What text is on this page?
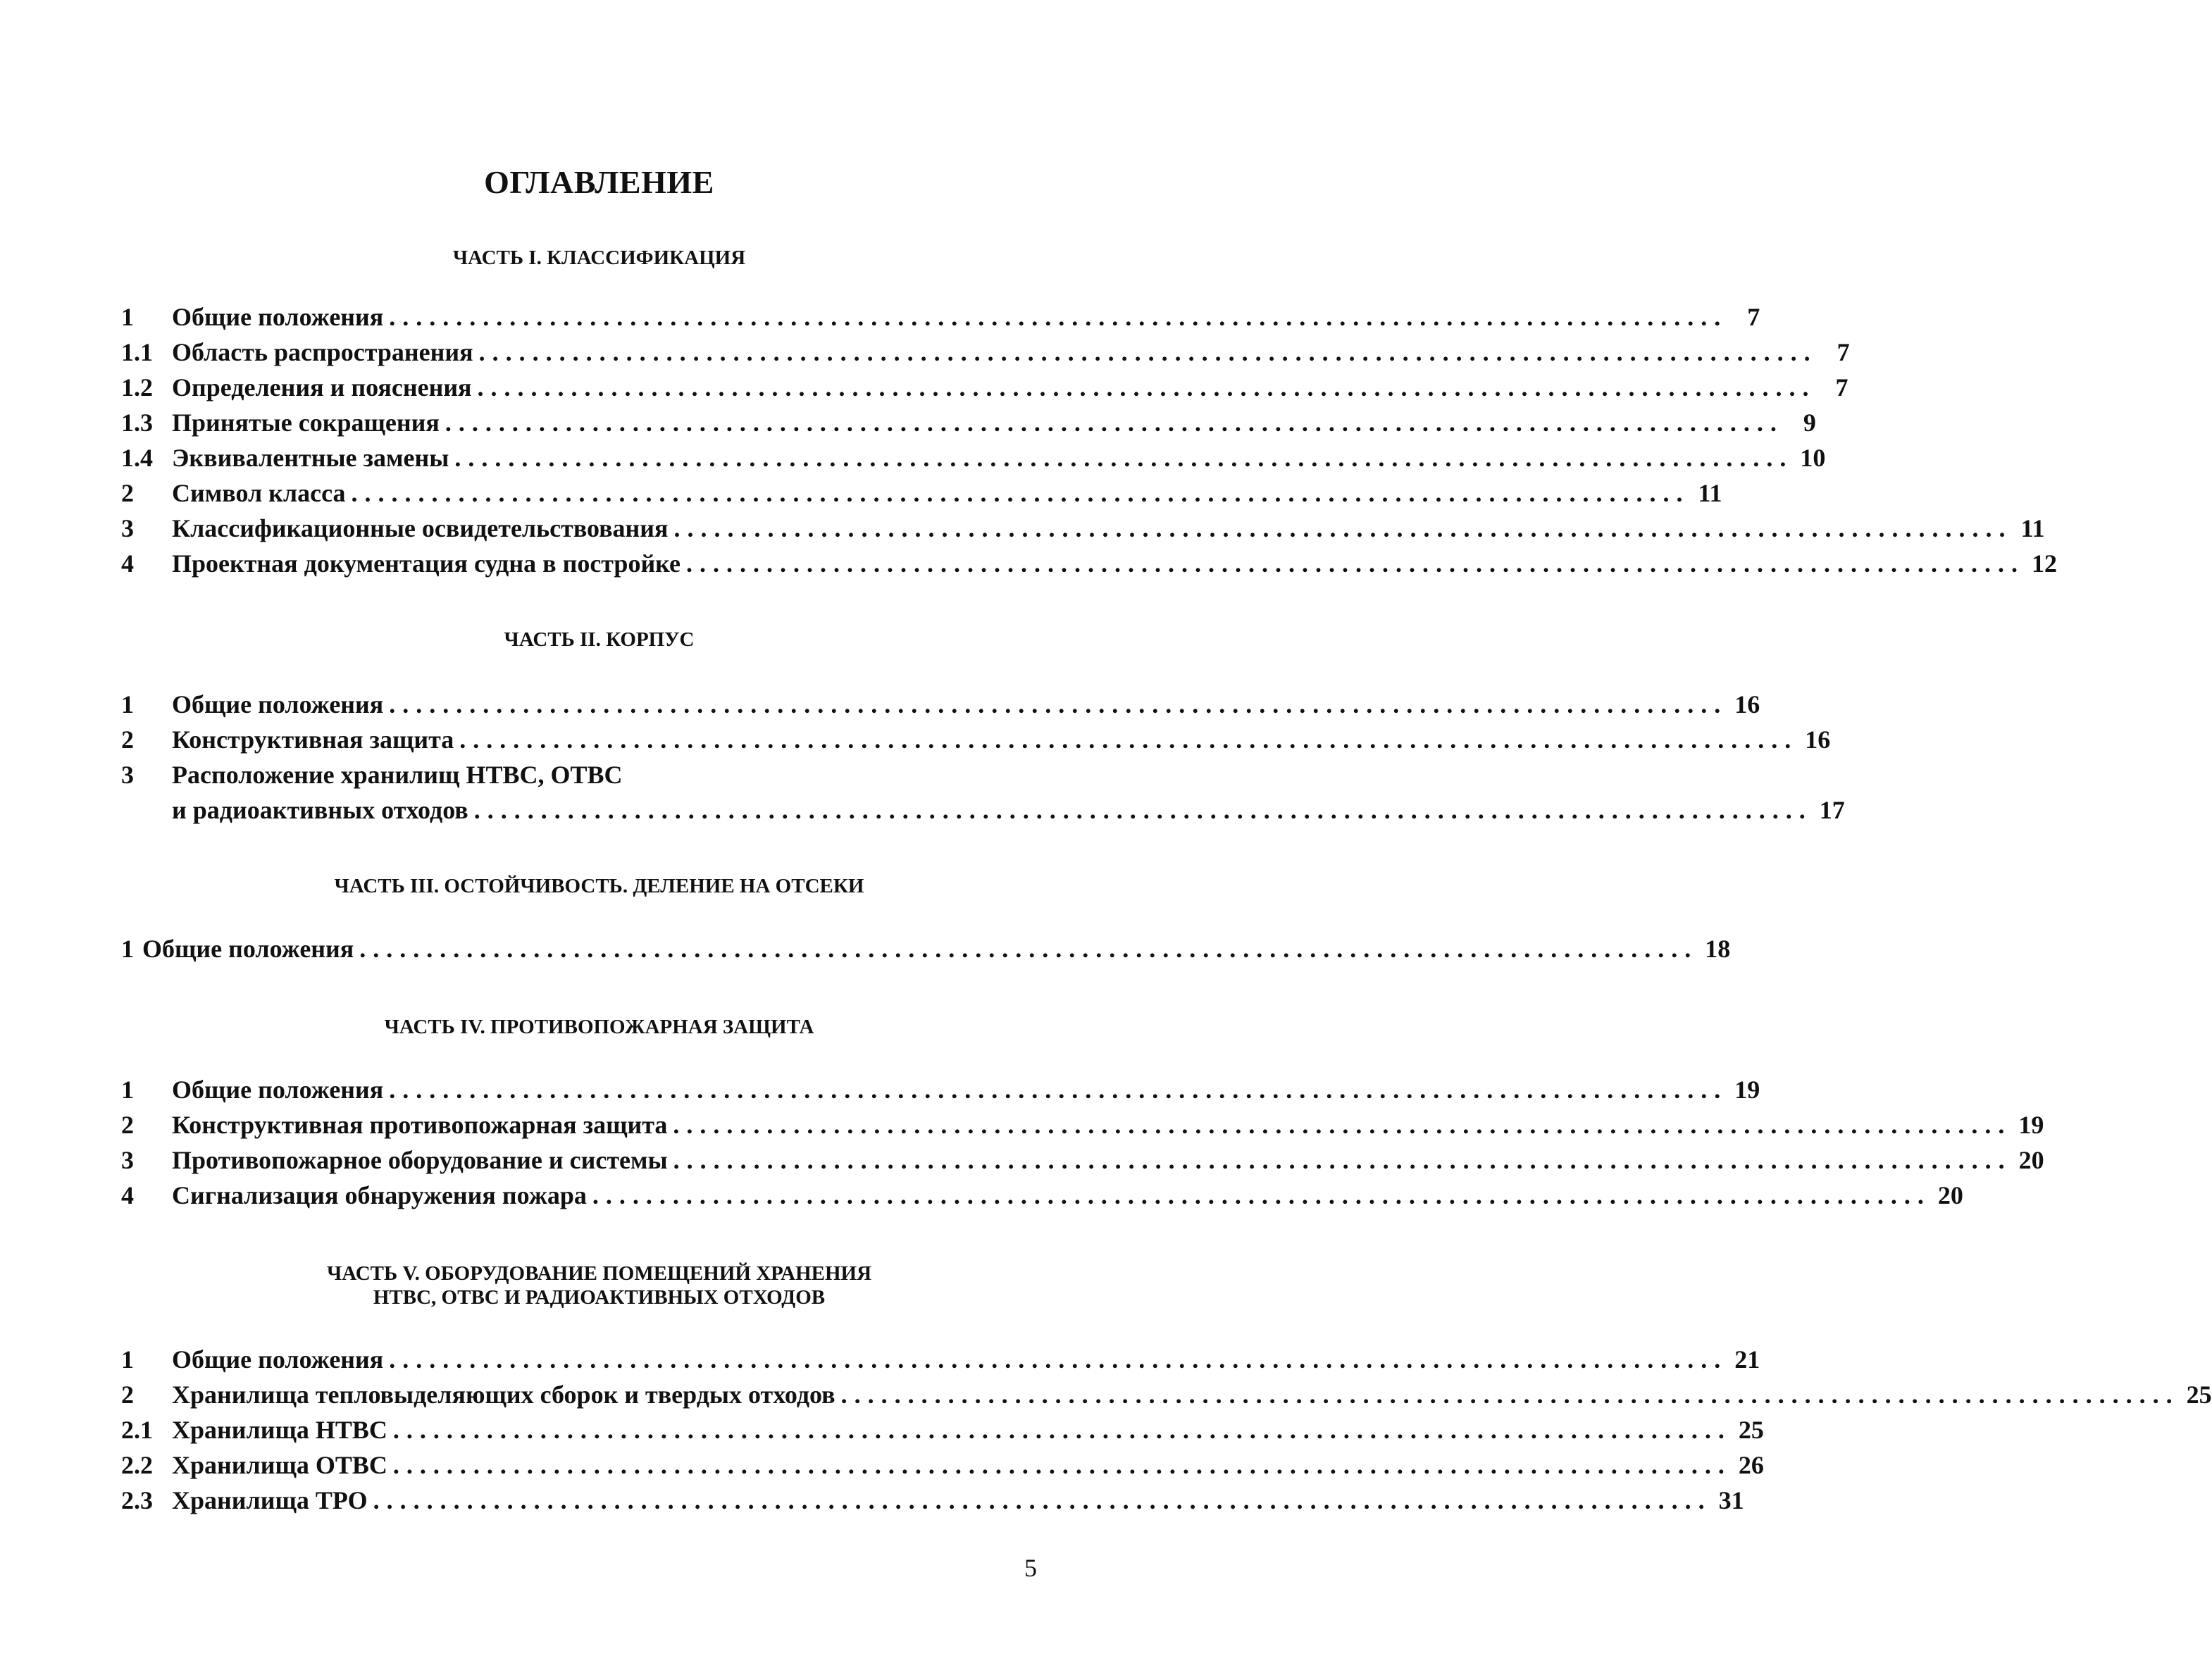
ОГЛАВЛЕНИЕ
ЧАСТЬ I. КЛАССИФИКАЦИЯ
1	Общие положения .................................................................................................... 7
1.1 Область распространения .................................................................................................... 7
1.2 Определения и пояснения .................................................................................................... 7
1.3 Принятые сокращения .................................................................................................... 9
1.4 Эквивалентные замены .................................................................................................... 10
2	Символ класса .................................................................................................... 11
3	Классификационные освидетельствования .................................................................................................... 11
4	Проектная документация судна в постройке .................................................................................................... 12
ЧАСТЬ II. КОРПУС
1	Общие положения .................................................................................................... 16
2	Конструктивная защита .................................................................................................... 16
3	Расположение хранилищ НТВС, ОТВС
и радиоактивных отходов .................................................................................................... 17
ЧАСТЬ III. ОСТОЙЧИВОСТЬ. ДЕЛЕНИЕ НА ОТСЕКИ
1 Общие положения .................................................................................................... 18
ЧАСТЬ IV. ПРОТИВОПОЖАРНАЯ ЗАЩИТА
1	Общие положения .................................................................................................... 19
2	Конструктивная противопожарная защита .................................................................................................... 19
3	Противопожарное оборудование и системы .................................................................................................... 20
4	Сигнализация обнаружения пожара .................................................................................................... 20
ЧАСТЬ V. ОБОРУДОВАНИЕ ПОМЕЩЕНИЙ ХРАНЕНИЯ
НТВС, ОТВС И РАДИОАКТИВНЫХ ОТХОДОВ
1	Общие положения .................................................................................................... 21
2	Хранилища тепловыделяющих сборок и твердых отходов .................................................................................................... 25
2.1 Хранилища НТВС .................................................................................................... 25
2.2 Хранилища ОТВС .................................................................................................... 26
2.3 Хранилища ТРО .................................................................................................... 31
5
